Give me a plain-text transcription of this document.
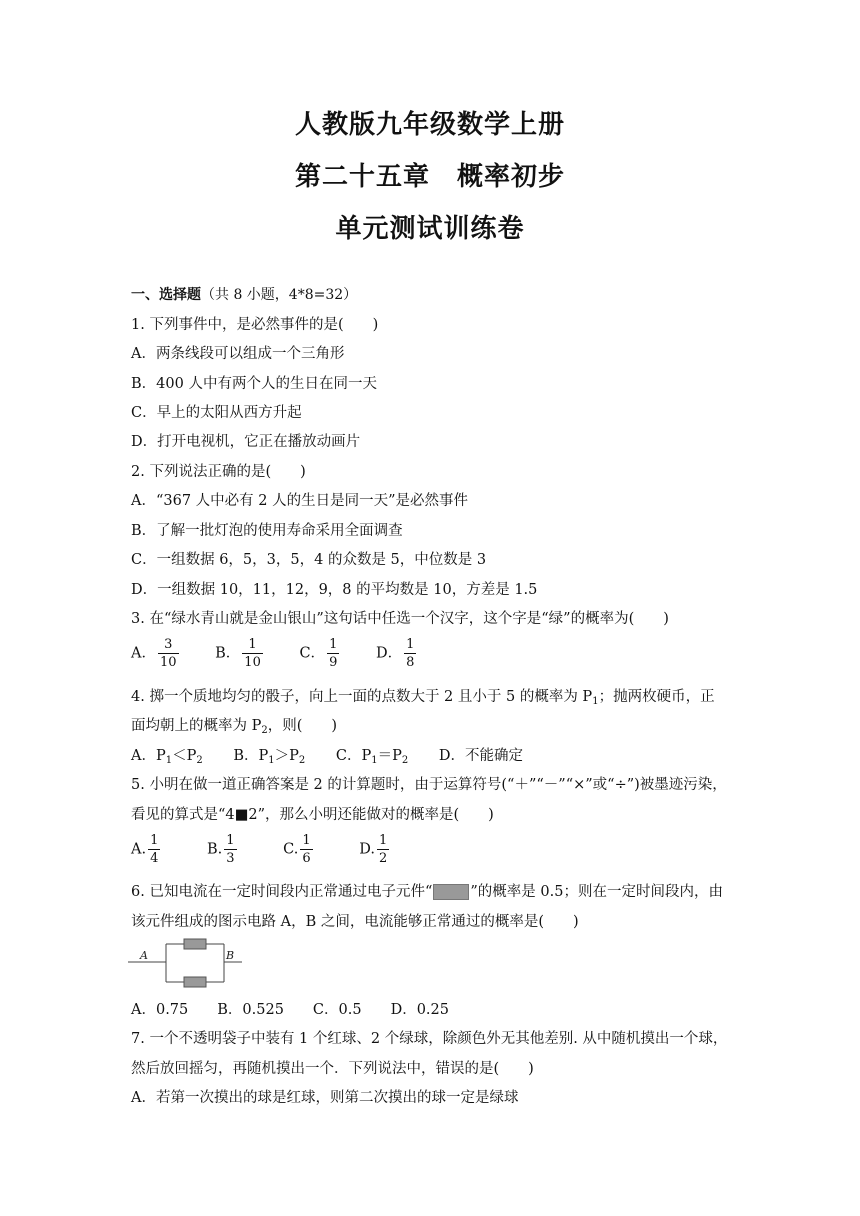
人教版九年级数学上册
第二十五章　概率初步
单元测试训练卷
一、选择题（共 8 小题，4*8=32）
1. 下列事件中，是必然事件的是(　　)
A．两条线段可以组成一个三角形
B．400 人中有两个人的生日在同一天
C．早上的太阳从西方升起
D．打开电视机，它正在播放动画片
2. 下列说法正确的是(　　)
A．“367 人中必有 2 人的生日是同一天”是必然事件
B．了解一批灯泡的使用寿命采用全面调查
C．一组数据 6，5，3，5，4 的众数是 5，中位数是 3
D．一组数据 10，11，12，9，8 的平均数是 10，方差是 1.5
3. 在“绿水青山就是金山银山”这句话中任选一个汉字，这个字是“绿”的概率为(　　)
A． $\frac{3}{10}$	B． $\frac{1}{10}$	C． $\frac{1}{9}$	D． $\frac{1}{8}$
4. 掷一个质地均匀的骰子，向上一面的点数大于 2 且小于 5 的概率为 $P_1$；抛两枚硬币，正
面均朝上的概率为 $P_2$，则(　　)
A．$P_1<P_2$ B．$P_1>P_2$ C．$P_1=P_2$ D．不能确定
5. 小明在做一道正确答案是 2 的计算题时，由于运算符号(“＋”“－”“×”或“÷”)被墨迹污染，
看见的算式是“4■2”，那么小明还能做对的概率是(　　)
A. $\frac{1}{4}$	B. $\frac{1}{3}$	C. $\frac{1}{6}$	D. $\frac{1}{2}$
6. 已知电流在一定时间段内正常通过电子元件“	”的概率是 0.5；则在一定时间段内，由
该元件组成的图示电路 A，B 之间，电流能够正常通过的概率是(　　)
A	B
A．0.75　　B．0.525　　C．0.5　　D．0.25
7. 一个不透明袋子中装有 1 个红球、2 个绿球，除颜色外无其他差别. 从中随机摸出一个球，
然后放回摇匀，再随机摸出一个．下列说法中，错误的是(　　)
A．若第一次摸出的球是红球，则第二次摸出的球一定是绿球
